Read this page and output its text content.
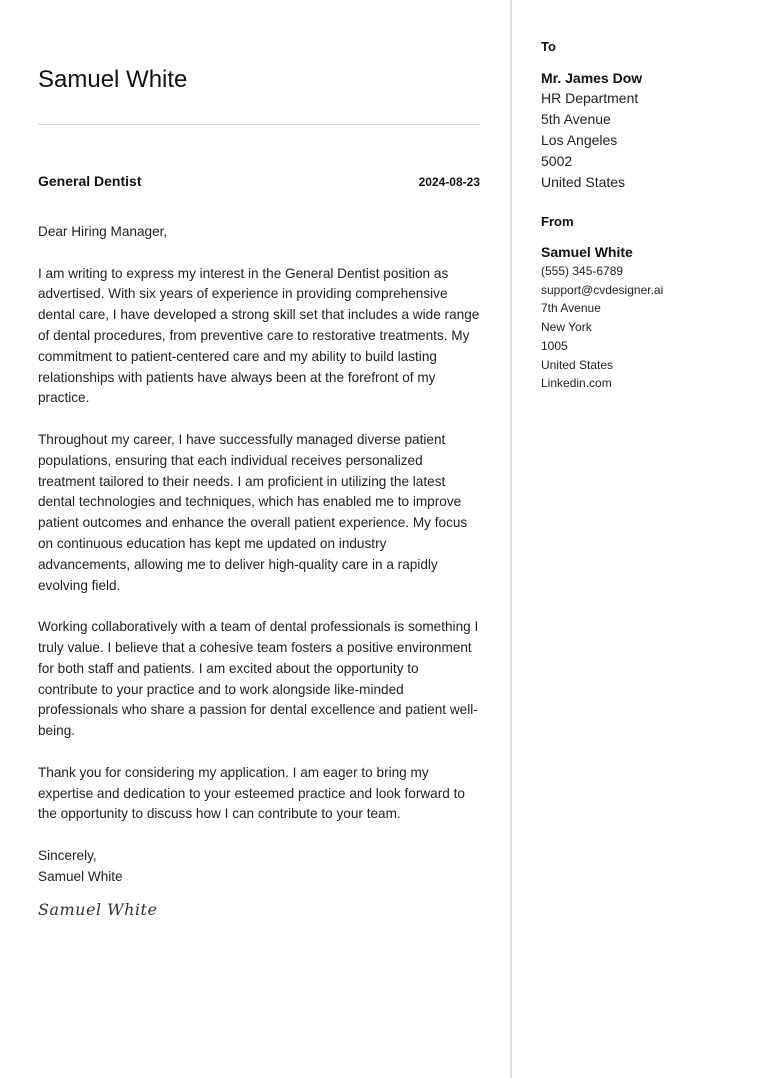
Samuel White
General Dentist	2024-08-23

Dear Hiring Manager,

I am writing to express my interest in the General Dentist position as advertised. With six years of experience in providing comprehensive dental care, I have developed a strong skill set that includes a wide range of dental procedures, from preventive care to restorative treatments. My commitment to patient-centered care and my ability to build lasting relationships with patients have always been at the forefront of my practice.

Throughout my career, I have successfully managed diverse patient populations, ensuring that each individual receives personalized treatment tailored to their needs. I am proficient in utilizing the latest dental technologies and techniques, which has enabled me to improve patient outcomes and enhance the overall patient experience. My focus on continuous education has kept me updated on industry advancements, allowing me to deliver high-quality care in a rapidly evolving field.

Working collaboratively with a team of dental professionals is something I truly value. I believe that a cohesive team fosters a positive environment for both staff and patients. I am excited about the opportunity to contribute to your practice and to work alongside like-minded professionals who share a passion for dental excellence and patient well-being.

Thank you for considering my application. I am eager to bring my expertise and dedication to your esteemed practice and look forward to the opportunity to discuss how I can contribute to your team.

Sincerely,
Samuel White
Samuel White
To
Mr. James Dow
HR Department
5th Avenue
Los Angeles
5002
United States
From
Samuel White
(555) 345-6789
support@cvdesigner.ai
7th Avenue
New York
1005
United States
Linkedin.com
